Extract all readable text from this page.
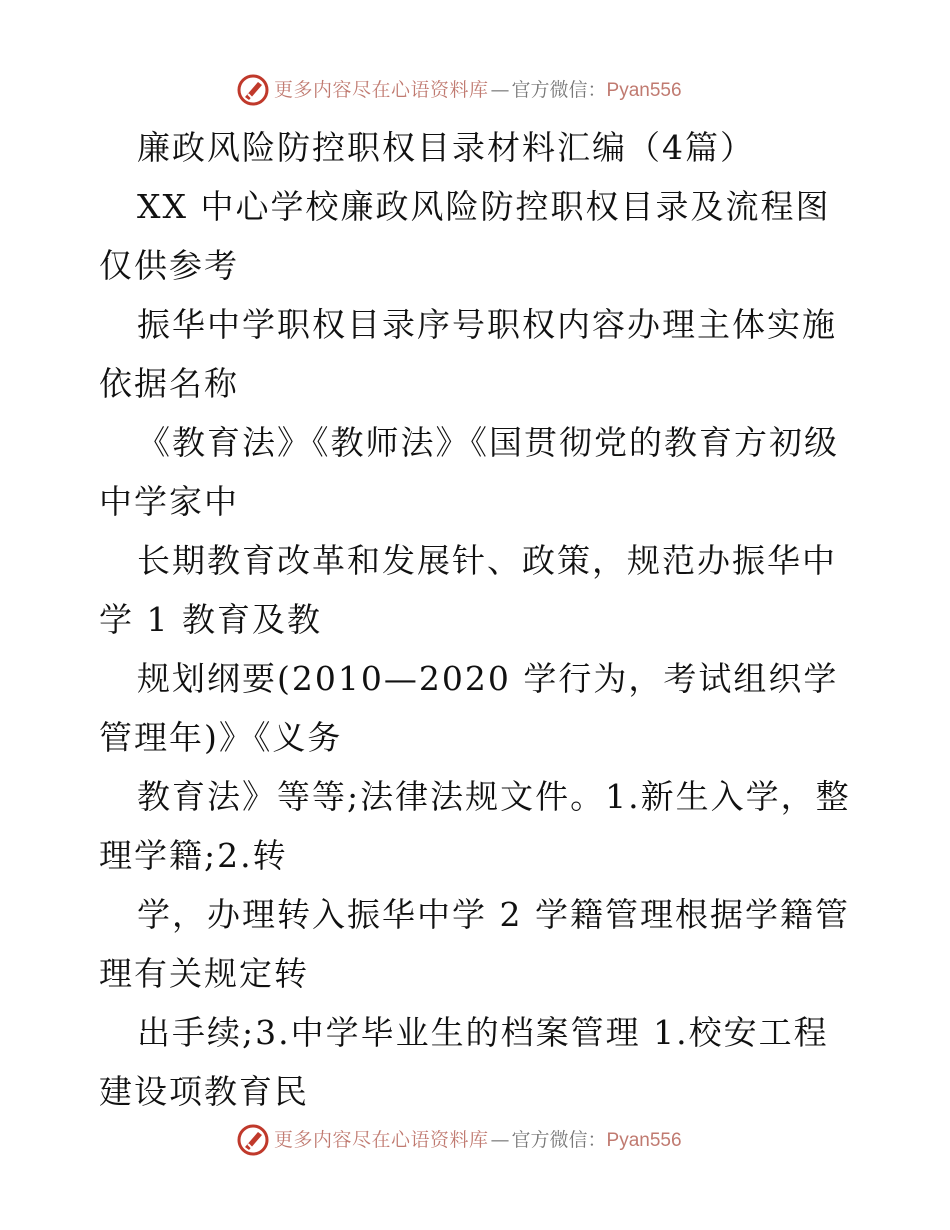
更多内容尽在心语资料库 — 官方微信： Pyan556

廉政风险防控职权目录材料汇编（4篇）

XX 中心学校廉政风险防控职权目录及流程图仅供参考

振华中学职权目录序号职权内容办理主体实施依据名称

《教育法》《教师法》《国贯彻党的教育方初级中学家中

长期教育改革和发展针、政策，规范办振华中学 1 教育及教

规划纲要(2010—2020 学行为，考试组织学管理年)》《义务

教育法》等等;法律法规文件。1.新生入学，整理学籍;2.转

学，办理转入振华中学 2 学籍管理根据学籍管理有关规定转

出手续;3.中学毕业生的档案管理 1.校安工程建设项教育民

更多内容尽在心语资料库 — 官方微信： Pyan556
